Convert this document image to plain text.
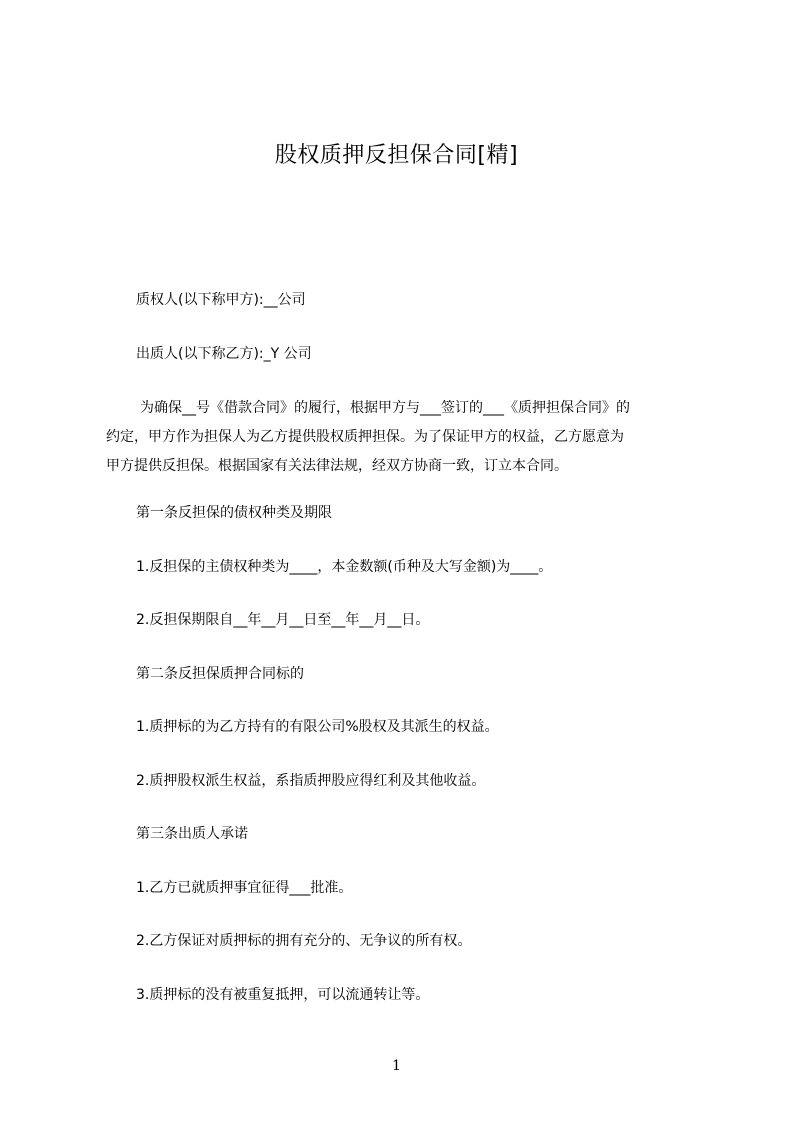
股权质押反担保合同[精]
质权人(以下称甲方):__公司
出质人(以下称乙方):_Y 公司
为确保__号《借款合同》的履行，根据甲方与___签订的___《质押担保合同》的
约定，甲方作为担保人为乙方提供股权质押担保。为了保证甲方的权益，乙方愿意为
甲方提供反担保。根据国家有关法律法规，经双方协商一致，订立本合同。
第一条反担保的债权种类及期限
1.反担保的主债权种类为____，本金数额(币种及大写金额)为____。
2.反担保期限自__年__月__日至__年__月__日。
第二条反担保质押合同标的
1.质押标的为乙方持有的有限公司%股权及其派生的权益。
2.质押股权派生权益，系指质押股应得红利及其他收益。
第三条出质人承诺
1.乙方已就质押事宜征得___批准。
2.乙方保证对质押标的拥有充分的、无争议的所有权。
3.质押标的没有被重复抵押，可以流通转让等。
1
